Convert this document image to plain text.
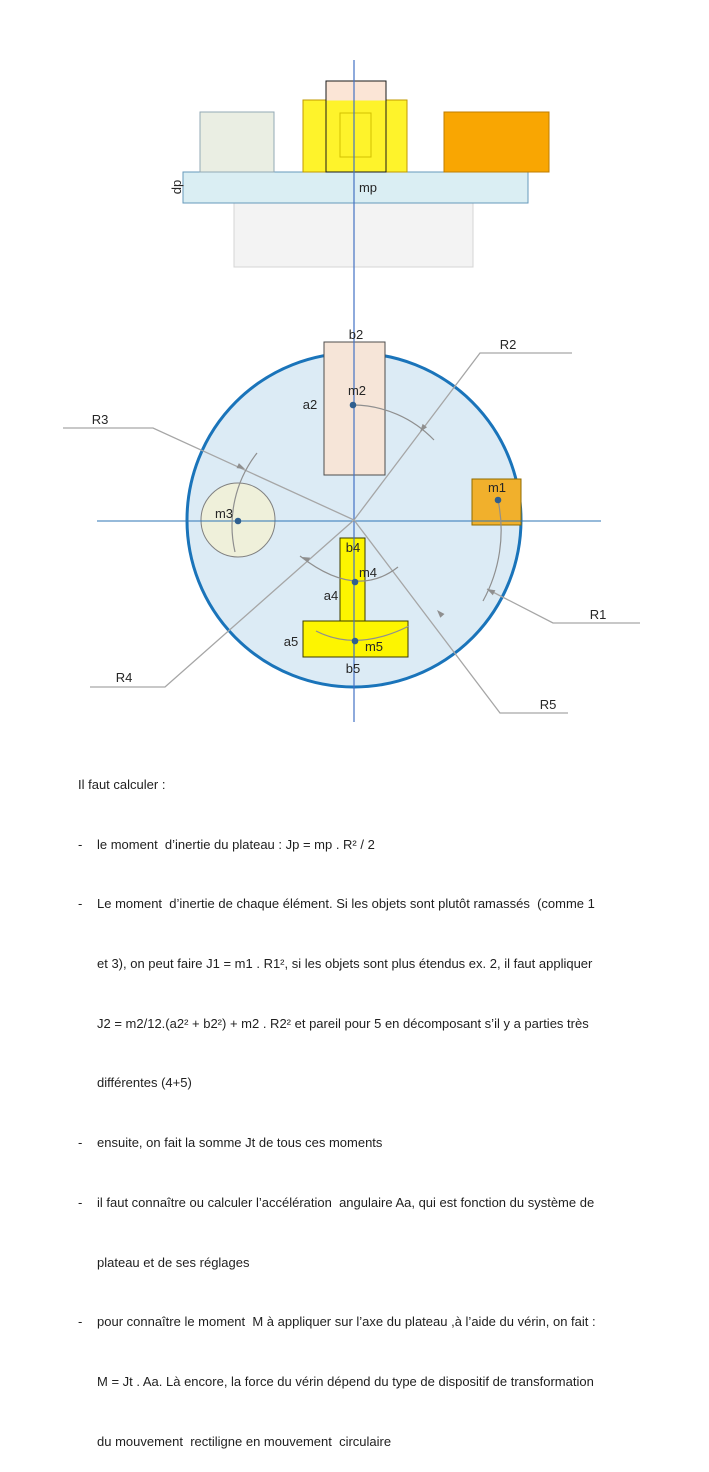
dp	mp
b2
m2
a2
R2
R3
m3
m1
R1
b4
m4
a4
a5	m5
b5
R4
R5

Il faut calculer :

- le moment  d’inertie du plateau : Jp = mp . R² / 2

- Le moment  d’inertie de chaque élément. Si les objets sont plutôt ramassés  (comme 1

et 3), on peut faire J1 = m1 . R1², si les objets sont plus étendus ex. 2, il faut appliquer

J2 = m2/12.(a2² + b2²) + m2 . R2² et pareil pour 5 en décomposant s’il y a parties très

différentes (4+5)

- ensuite, on fait la somme Jt de tous ces moments

- il faut connaître ou calculer l’accélération  angulaire Aa, qui est fonction du système de

plateau et de ses réglages

- pour connaître le moment  M à appliquer sur l’axe du plateau ,à l’aide du vérin, on fait :

M = Jt . Aa. Là encore, la force du vérin dépend du type de dispositif de transformation

du mouvement  rectiligne en mouvement  circulaire
